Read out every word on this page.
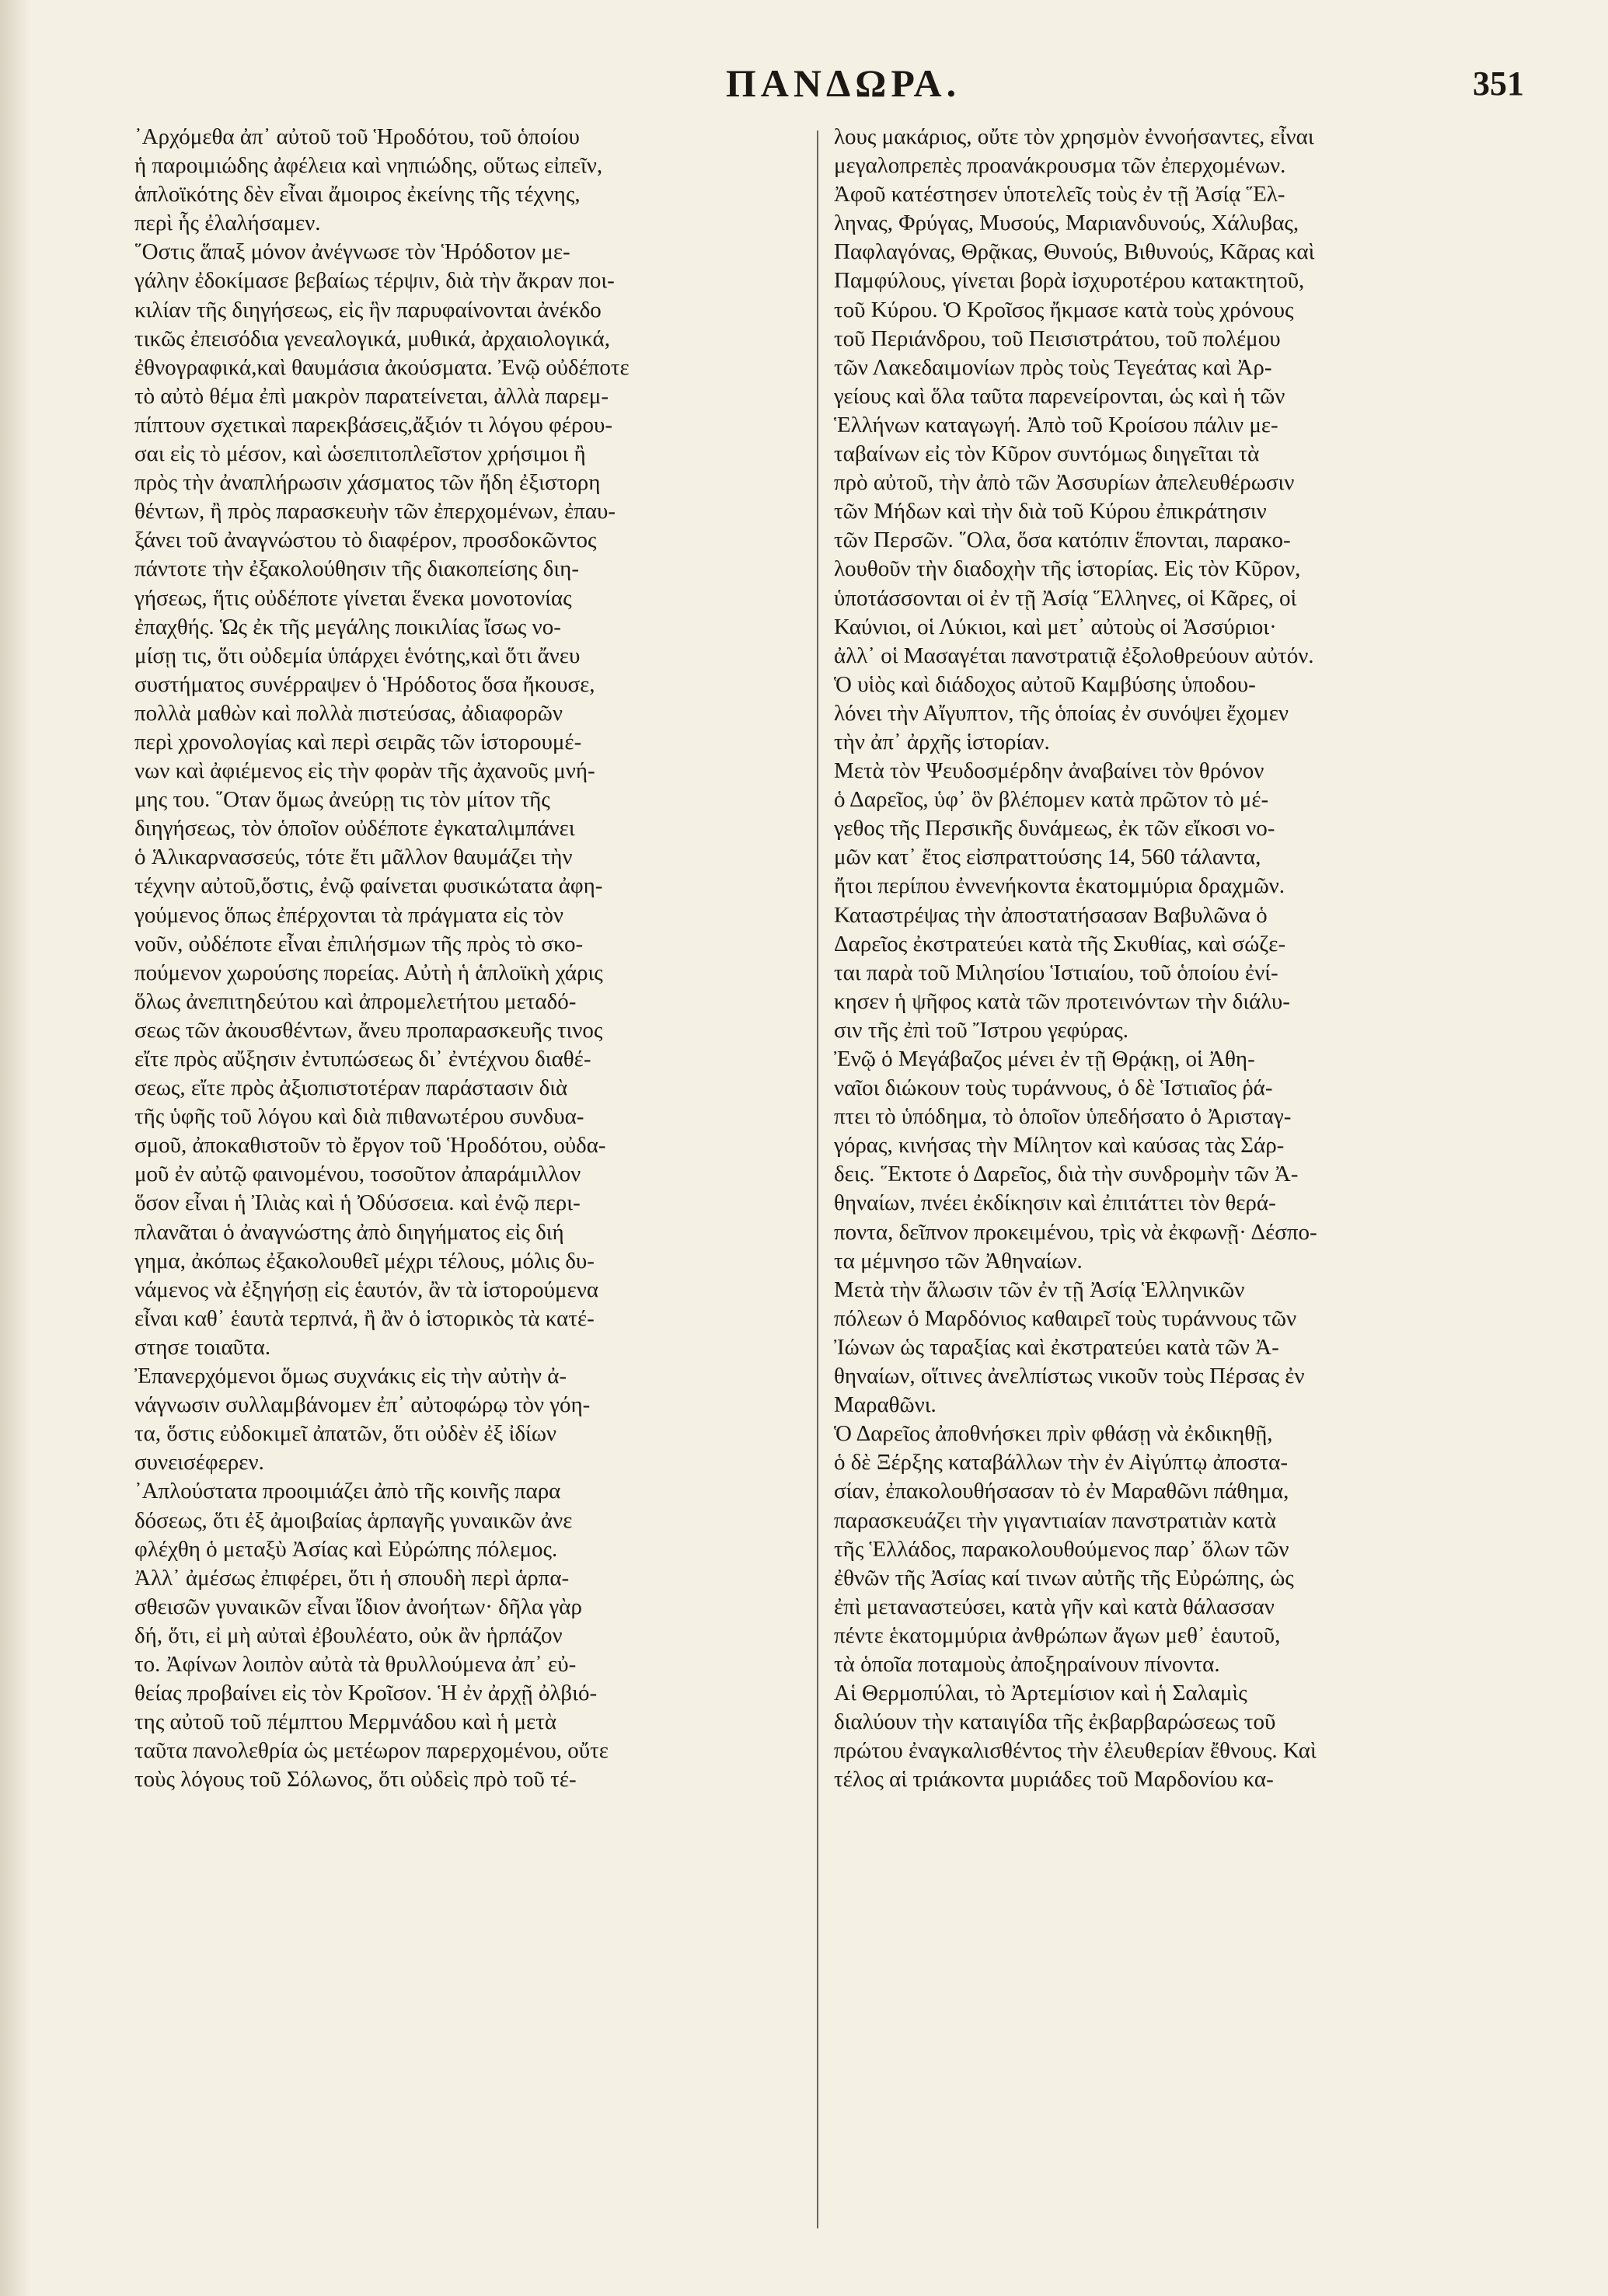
ΠΑΝΔΩΡΑ.	351
᾽Αρχόμεθα ἀπ᾽ αὐτοῦ τοῦ Ἡροδότου, τοῦ ὁποίου
ἡ παροιμιώδης ἀφέλεια καὶ νηπιώδης, οὕτως εἰπεῖν,
ἁπλοϊκότης δὲν εἶναι ἄμοιρος ἐκείνης τῆς τέχνης,
περὶ ἧς ἐλαλήσαμεν.
῞Οστις ἅπαξ μόνον ἀνέγνωσε τὸν Ἡρόδοτον με-
γάλην ἐδοκίμασε βεβαίως τέρψιν, διὰ τὴν ἄκραν ποι-
κιλίαν τῆς διηγήσεως, εἰς ἣν παρυφαίνονται ἀνέκδο
τικῶς ἐπεισόδια γενεαλογικά, μυθικά, ἀρχαιολογικά,
ἐθνογραφικά,καὶ θαυμάσια ἀκούσματα. Ἐνῷ οὐδέποτε
τὸ αὐτὸ θέμα ἐπὶ μακρὸν παρατείνεται, ἀλλὰ παρεμ-
πίπτουν σχετικαὶ παρεκβάσεις,ἄξιόν τι λόγου φέρου-
σαι εἰς τὸ μέσον, καὶ ὡσεπιτοπλεῖστον χρήσιμοι ἢ
πρὸς τὴν ἀναπλήρωσιν χάσματος τῶν ἤδη ἐξιστορη
θέντων, ἢ πρὸς παρασκευὴν τῶν ἐπερχομένων, ἐπαυ-
ξάνει τοῦ ἀναγνώστου τὸ διαφέρον, προσδοκῶντος
πάντοτε τὴν ἐξακολούθησιν τῆς διακοπείσης διη-
γήσεως, ἥτις οὐδέποτε γίνεται ἕνεκα μονοτονίας
ἐπαχθής. Ὡς ἐκ τῆς μεγάλης ποικιλίας ἴσως νο-
μίσῃ τις, ὅτι οὐδεμία ὑπάρχει ἑνότης,καὶ ὅτι ἄνευ
συστήματος συνέρραψεν ὁ Ἡρόδοτος ὅσα ἤκουσε,
πολλὰ μαθὼν καὶ πολλὰ πιστεύσας, ἀδιαφορῶν
περὶ χρονολογίας καὶ περὶ σειρᾶς τῶν ἱστορουμέ-
νων καὶ ἀφιέμενος εἰς τὴν φορὰν τῆς ἀχανοῦς μνή-
μης του. ῞Οταν ὅμως ἀνεύρῃ τις τὸν μίτον τῆς
διηγήσεως, τὸν ὁποῖον οὐδέποτε ἐγκαταλιμπάνει
ὁ Ἁλικαρνασσεύς, τότε ἔτι μᾶλλον θαυμάζει τὴν
τέχνην αὐτοῦ,ὅστις, ἐνῷ φαίνεται φυσικώτατα ἀφη-
γούμενος ὅπως ἐπέρχονται τὰ πράγματα εἰς τὸν
νοῦν, οὐδέποτε εἶναι ἐπιλήσμων τῆς πρὸς τὸ σκο-
πούμενον χωρούσης πορείας. Αὐτὴ ἡ ἁπλοϊκὴ χάρις
ὅλως ἀνεπιτηδεύτου καὶ ἀπρομελετήτου μεταδό-
σεως τῶν ἀκουσθέντων, ἄνευ προπαρασκευῆς τινος
εἴτε πρὸς αὔξησιν ἐντυπώσεως δι᾽ ἐντέχνου διαθέ-
σεως, εἴτε πρὸς ἀξιοπιστοτέραν παράστασιν διὰ
τῆς ὑφῆς τοῦ λόγου καὶ διὰ πιθανωτέρου συνδυα-
σμοῦ, ἀποκαθιστοῦν τὸ ἔργον τοῦ Ἡροδότου, οὐδα-
μοῦ ἐν αὐτῷ φαινομένου, τοσοῦτον ἀπαράμιλλον
ὅσον εἶναι ἡ Ἰλιὰς καὶ ἡ Ὀδύσσεια. καὶ ἐνῷ περι-
πλανᾶται ὁ ἀναγνώστης ἀπὸ διηγήματος εἰς διή
γημα, ἀκόπως ἐξακολουθεῖ μέχρι τέλους, μόλις δυ-
νάμενος νὰ ἐξηγήσῃ εἰς ἑαυτόν, ἂν τὰ ἱστορούμενα
εἶναι καθ᾽ ἑαυτὰ τερπνά, ἢ ἂν ὁ ἱστορικὸς τὰ κατέ-
στησε τοιαῦτα.
Ἐπανερχόμενοι ὅμως συχνάκις εἰς τὴν αὐτὴν ἀ-
νάγνωσιν συλλαμβάνομεν ἐπ᾽ αὐτοφώρῳ τὸν γόη-
τα, ὅστις εὐδοκιμεῖ ἀπατῶν, ὅτι οὐδὲν ἐξ ἰδίων
συνεισέφερεν.
᾽Απλούστατα προοιμιάζει ἀπὸ τῆς κοινῆς παρα
δόσεως, ὅτι ἐξ ἀμοιβαίας ἁρπαγῆς γυναικῶν ἀνε
φλέχθη ὁ μεταξὺ Ἀσίας καὶ Εὐρώπης πόλεμος.
Ἀλλ᾽ ἀμέσως ἐπιφέρει, ὅτι ἡ σπουδὴ περὶ ἁρπα-
σθεισῶν γυναικῶν εἶναι ἴδιον ἀνοήτων· δῆλα γὰρ
δή, ὅτι, εἰ μὴ αὐταὶ ἐβουλέατο, οὐκ ἂν ἡρπάζον
το. Ἀφίνων λοιπὸν αὐτὰ τὰ θρυλλούμενα ἀπ᾽ εὐ-
θείας προβαίνει εἰς τὸν Κροῖσον. Ἡ ἐν ἀρχῇ ὀλβιό-
της αὐτοῦ τοῦ πέμπτου Μερμνάδου καὶ ἡ μετὰ
ταῦτα πανολεθρία ὡς μετέωρον παρερχομένου, οὔτε
τοὺς λόγους τοῦ Σόλωνος, ὅτι οὐδεὶς πρὸ τοῦ τέ-
λους μακάριος, οὔτε τὸν χρησμὸν ἐννοήσαντες, εἶναι
μεγαλοπρεπὲς προανάκρουσμα τῶν ἐπερχομένων.
Ἀφοῦ κατέστησεν ὑποτελεῖς τοὺς ἐν τῇ Ἀσίᾳ Ἕλ-
ληνας, Φρύγας, Μυσούς, Μαριανδυνούς, Χάλυβας,
Παφλαγόνας, Θρᾷκας, Θυνούς, Βιθυνούς, Κᾶρας καὶ
Παμφύλους, γίνεται βορὰ ἰσχυροτέρου κατακτητοῦ,
τοῦ Κύρου. Ὁ Κροῖσος ἤκμασε κατὰ τοὺς χρόνους
τοῦ Περιάνδρου, τοῦ Πεισιστράτου, τοῦ πολέμου
τῶν Λακεδαιμονίων πρὸς τοὺς Τεγεάτας καὶ Ἀρ-
γείους καὶ ὅλα ταῦτα παρενείρονται, ὡς καὶ ἡ τῶν
Ἑλλήνων καταγωγή. Ἀπὸ τοῦ Κροίσου πάλιν με-
ταβαίνων εἰς τὸν Κῦρον συντόμως διηγεῖται τὰ
πρὸ αὐτοῦ, τὴν ἀπὸ τῶν Ἀσσυρίων ἀπελευθέρωσιν
τῶν Μήδων καὶ τὴν διὰ τοῦ Κύρου ἐπικράτησιν
τῶν Περσῶν. ῞Ολα, ὅσα κατόπιν ἕπονται, παρακο-
λουθοῦν τὴν διαδοχὴν τῆς ἱστορίας. Εἰς τὸν Κῦρον,
ὑποτάσσονται οἱ ἐν τῇ Ἀσίᾳ Ἕλληνες, οἱ Κᾶρες, οἱ
Καύνιοι, οἱ Λύκιοι, καὶ μετ᾽ αὐτοὺς οἱ Ἀσσύριοι·
ἀλλ᾽ οἱ Μασαγέται πανστρατιᾷ ἐξολοθρεύουν αὐτόν.
Ὁ υἱὸς καὶ διάδοχος αὐτοῦ Καμβύσης ὑποδου-
λόνει τὴν Αἴγυπτον, τῆς ὁποίας ἐν συνόψει ἔχομεν
τὴν ἀπ᾽ ἀρχῆς ἱστορίαν.
Μετὰ τὸν Ψευδοσμέρδην ἀναβαίνει τὸν θρόνον
ὁ Δαρεῖος, ὑφ᾽ ὃν βλέπομεν κατὰ πρῶτον τὸ μέ-
γεθος τῆς Περσικῆς δυνάμεως, ἐκ τῶν εἴκοσι νο-
μῶν κατ᾽ ἔτος εἰσπραττούσης 14, 560 τάλαντα,
ἤτοι περίπου ἐννενήκοντα ἑκατομμύρια δραχμῶν.
Καταστρέψας τὴν ἀποστατήσασαν Βαβυλῶνα ὁ
Δαρεῖος ἐκστρατεύει κατὰ τῆς Σκυθίας, καὶ σώζε-
ται παρὰ τοῦ Μιλησίου Ἱστιαίου, τοῦ ὁποίου ἐνί-
κησεν ἡ ψῆφος κατὰ τῶν προτεινόντων τὴν διάλυ-
σιν τῆς ἐπὶ τοῦ Ἴστρου γεφύρας.
Ἐνῷ ὁ Μεγάβαζος μένει ἐν τῇ Θρᾴκῃ, οἱ Ἀθη-
ναῖοι διώκουν τοὺς τυράννους, ὁ δὲ Ἱστιαῖος ῥά-
πτει τὸ ὑπόδημα, τὸ ὁποῖον ὑπεδήσατο ὁ Ἀρισταγ-
γόρας, κινήσας τὴν Μίλητον καὶ καύσας τὰς Σάρ-
δεις. ῞Εκτοτε ὁ Δαρεῖος, διὰ τὴν συνδρομὴν τῶν Ἀ-
θηναίων, πνέει ἐκδίκησιν καὶ ἐπιτάττει τὸν θερά-
ποντα, δεῖπνον προκειμένου, τρὶς νὰ ἐκφωνῇ· Δέσπο-
τα μέμνησο τῶν Ἀθηναίων.
Μετὰ τὴν ἅλωσιν τῶν ἐν τῇ Ἀσίᾳ Ἑλληνικῶν
πόλεων ὁ Μαρδόνιος καθαιρεῖ τοὺς τυράννους τῶν
Ἰώνων ὡς ταραξίας καὶ ἐκστρατεύει κατὰ τῶν Ἀ-
θηναίων, οἵτινες ἀνελπίστως νικοῦν τοὺς Πέρσας ἐν
Μαραθῶνι.
Ὁ Δαρεῖος ἀποθνήσκει πρὶν φθάσῃ νὰ ἐκδικηθῇ,
ὁ δὲ Ξέρξης καταβάλλων τὴν ἐν Αἰγύπτῳ ἀποστα-
σίαν, ἐπακολουθήσασαν τὸ ἐν Μαραθῶνι πάθημα,
παρασκευάζει τὴν γιγαντιαίαν πανστρατιὰν κατὰ
τῆς Ἑλλάδος, παρακολουθούμενος παρ᾽ ὅλων τῶν
ἐθνῶν τῆς Ἀσίας καί τινων αὐτῆς τῆς Εὐρώπης, ὡς
ἐπὶ μεταναστεύσει, κατὰ γῆν καὶ κατὰ θάλασσαν
πέντε ἑκατομμύρια ἀνθρώπων ἄγων μεθ᾽ ἑαυτοῦ,
τὰ ὁποῖα ποταμοὺς ἀποξηραίνουν πίνοντα.
Αἱ Θερμοπύλαι, τὸ Ἀρτεμίσιον καὶ ἡ Σαλαμὶς
διαλύουν τὴν καταιγίδα τῆς ἐκβαρβαρώσεως τοῦ
πρώτου ἐναγκαλισθέντος τὴν ἐλευθερίαν ἔθνους. Καὶ
τέλος αἱ τριάκοντα μυριάδες τοῦ Μαρδονίου κα-
